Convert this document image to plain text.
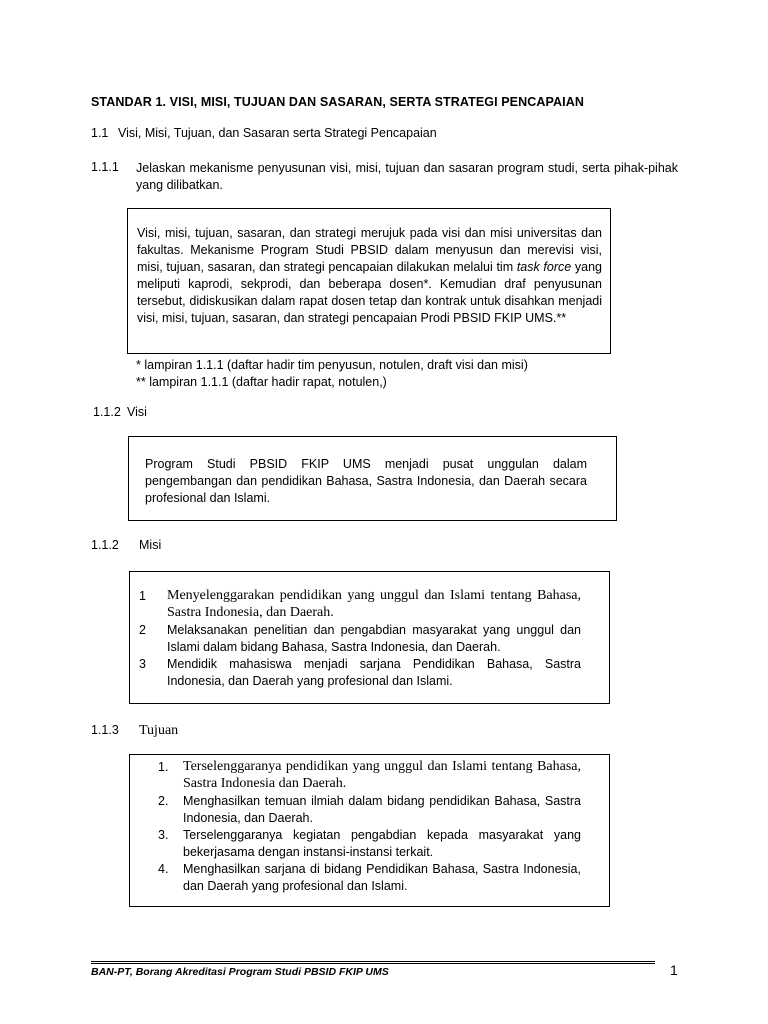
STANDAR 1. VISI, MISI, TUJUAN DAN SASARAN, SERTA STRATEGI PENCAPAIAN
1.1 Visi, Misi, Tujuan, dan Sasaran serta Strategi Pencapaian
1.1.1 Jelaskan mekanisme penyusunan visi, misi, tujuan dan sasaran program studi, serta pihak-pihak yang dilibatkan.

Visi, misi, tujuan, sasaran, dan strategi merujuk pada visi dan misi universitas dan fakultas. Mekanisme Program Studi PBSID dalam menyusun dan merevisi visi, misi, tujuan, sasaran, dan strategi pencapaian dilakukan melalui tim task force yang meliputi kaprodi, sekprodi, dan beberapa dosen*. Kemudian draf penyusunan tersebut, didiskusikan dalam rapat dosen tetap dan kontrak untuk disahkan menjadi visi, misi, tujuan, sasaran, dan strategi pencapaian Prodi PBSID FKIP UMS.**

* lampiran 1.1.1 (daftar hadir tim penyusun, notulen, draft visi dan misi)
** lampiran 1.1.1 (daftar hadir rapat, notulen,)
1.1.2 Visi

Program Studi PBSID FKIP UMS menjadi pusat unggulan dalam pengembangan dan pendidikan Bahasa, Sastra Indonesia, dan Daerah secara profesional dan Islami.

1.1.2 Misi
1	Menyelenggarakan pendidikan yang unggul dan Islami tentang Bahasa, Sastra Indonesia, dan Daerah.
2	Melaksanakan penelitian dan pengabdian masyarakat yang unggul dan Islami dalam bidang Bahasa, Sastra Indonesia, dan Daerah.
3	Mendidik mahasiswa menjadi sarjana Pendidikan Bahasa, Sastra Indonesia, dan Daerah yang profesional dan Islami.
1.1.3 Tujuan
1.	Terselenggaranya pendidikan yang unggul dan Islami tentang Bahasa, Sastra Indonesia dan Daerah.
2.	Menghasilkan temuan ilmiah dalam bidang pendidikan Bahasa, Sastra Indonesia, dan Daerah.
3.	Terselenggaranya kegiatan pengabdian kepada masyarakat yang bekerjasama dengan instansi-instansi terkait.
4.	Menghasilkan sarjana di bidang Pendidikan Bahasa, Sastra Indonesia, dan Daerah yang profesional dan Islami.
BAN-PT, Borang Akreditasi Program Studi PBSID FKIP UMS	1
